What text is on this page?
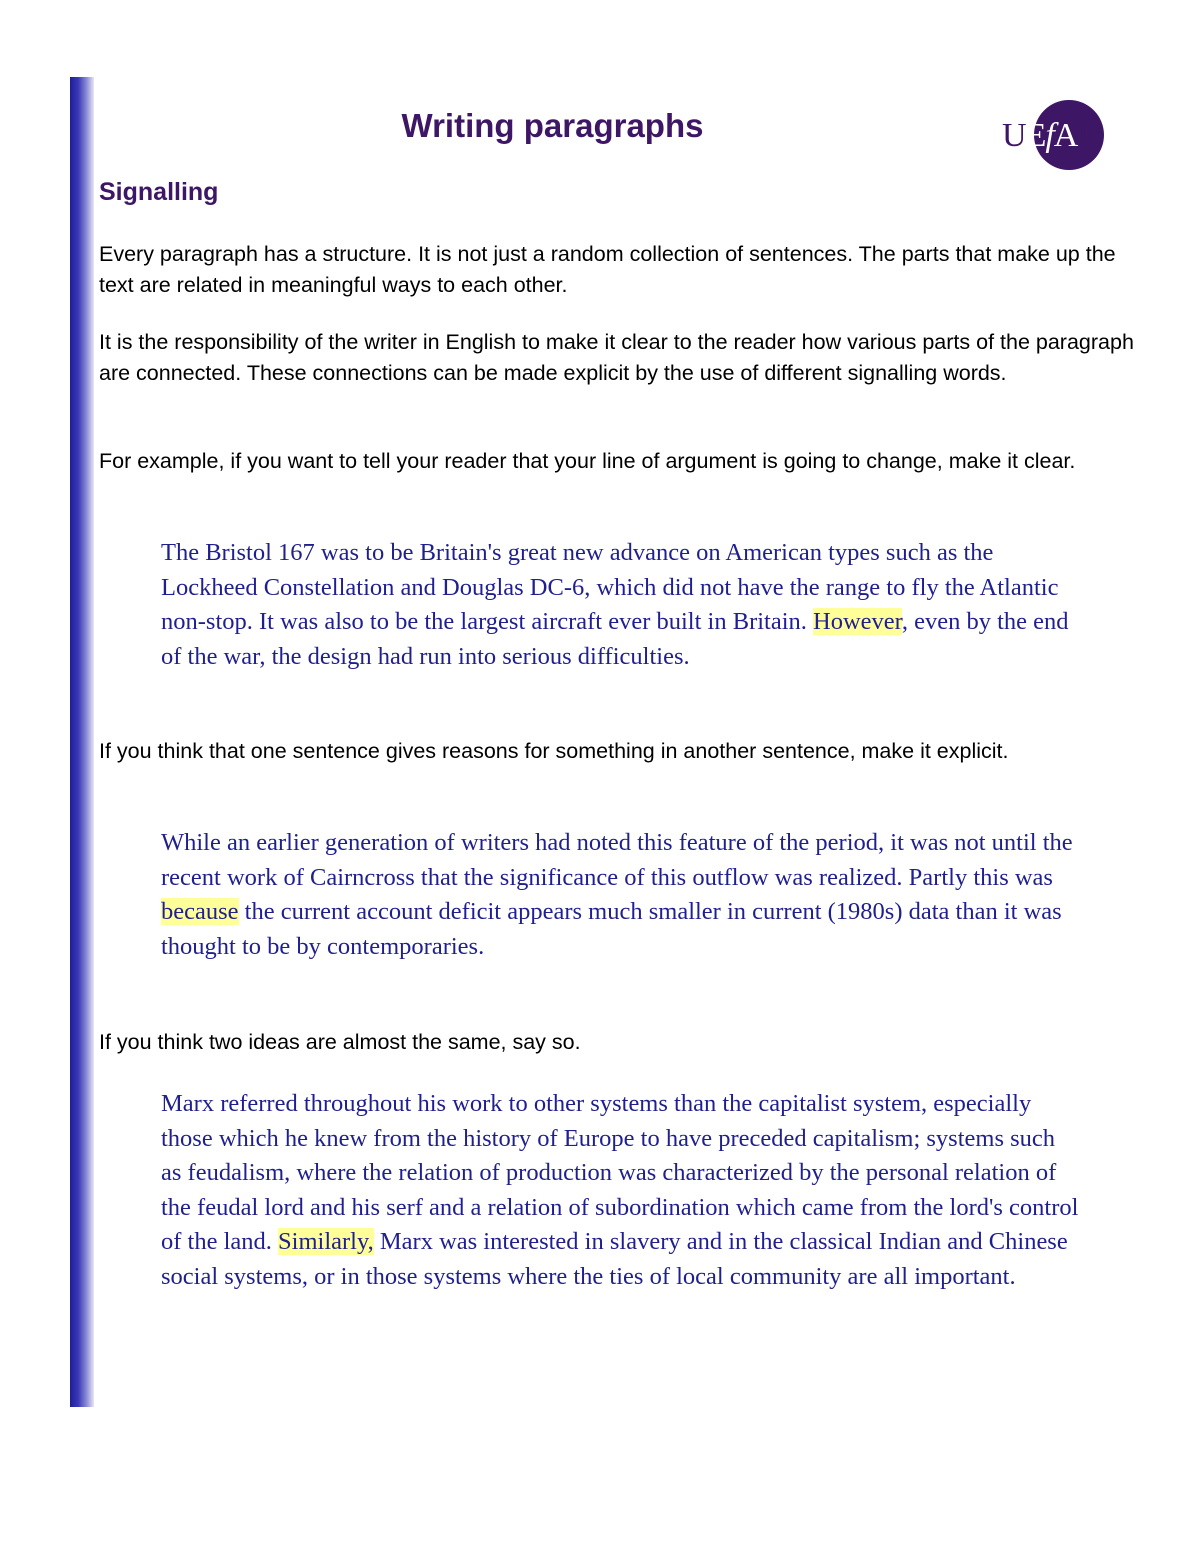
UEfAP
Writing paragraphs
Signalling

Every paragraph has a structure. It is not just a random collection of sentences. The parts that make up the text are related in meaningful ways to each other.

It is the responsibility of the writer in English to make it clear to the reader how various parts of the paragraph are connected. These connections can be made explicit by the use of different signalling words.

For example, if you want to tell your reader that your line of argument is going to change, make it clear.

The Bristol 167 was to be Britain's great new advance on American types such as the Lockheed Constellation and Douglas DC-6, which did not have the range to fly the Atlantic non-stop. It was also to be the largest aircraft ever built in Britain. However, even by the end of the war, the design had run into serious difficulties.

If you think that one sentence gives reasons for something in another sentence, make it explicit.

While an earlier generation of writers had noted this feature of the period, it was not until the recent work of Cairncross that the significance of this outflow was realized. Partly this was because the current account deficit appears much smaller in current (1980s) data than it was thought to be by contemporaries.

If you think two ideas are almost the same, say so.

Marx referred throughout his work to other systems than the capitalist system, especially those which he knew from the history of Europe to have preceded capitalism; systems such as feudalism, where the relation of production was characterized by the personal relation of the feudal lord and his serf and a relation of subordination which came from the lord's control of the land. Similarly, Marx was interested in slavery and in the classical Indian and Chinese social systems, or in those systems where the ties of local community are all important.
